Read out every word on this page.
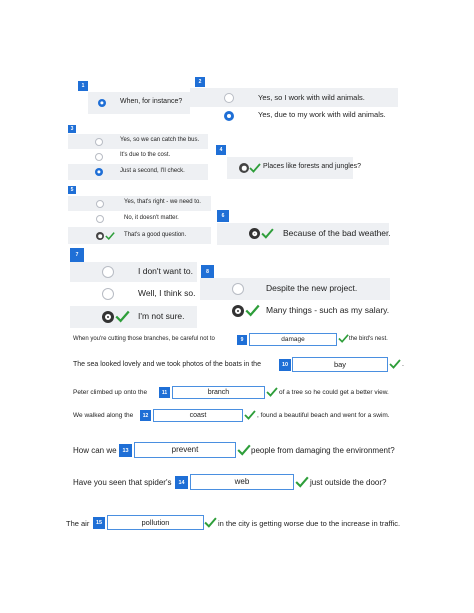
1
When, for instance?
2
Yes, so I work with wild animals.
Yes, due to my work with wild animals.
3
Yes, so we can catch the bus.
It's due to the cost.
Just a second, I'll check.
4
Places like forests and jungles?
5
Yes, that's right - we need to.
No, it doesn't matter.
That's a good question.
6
Because of the bad weather.
7
I don't want to.
Well, I think so.
I'm not sure.
8
Despite the new project.
Many things - such as my salary.
When you're cutting those branches, be careful not to	9	damage	the bird's nest.
The sea looked lovely and we took photos of the boats in the	10	bay	.
Peter climbed up onto the	11	branch	of a tree so he could get a better view.
We walked along the	12	coast	, found a beautiful beach and went for a swim.
How can we	13	prevent	people from damaging the environment?
Have you seen that spider's	14	web	just outside the door?
The air	15	pollution	in the city is getting worse due to the increase in traffic.
